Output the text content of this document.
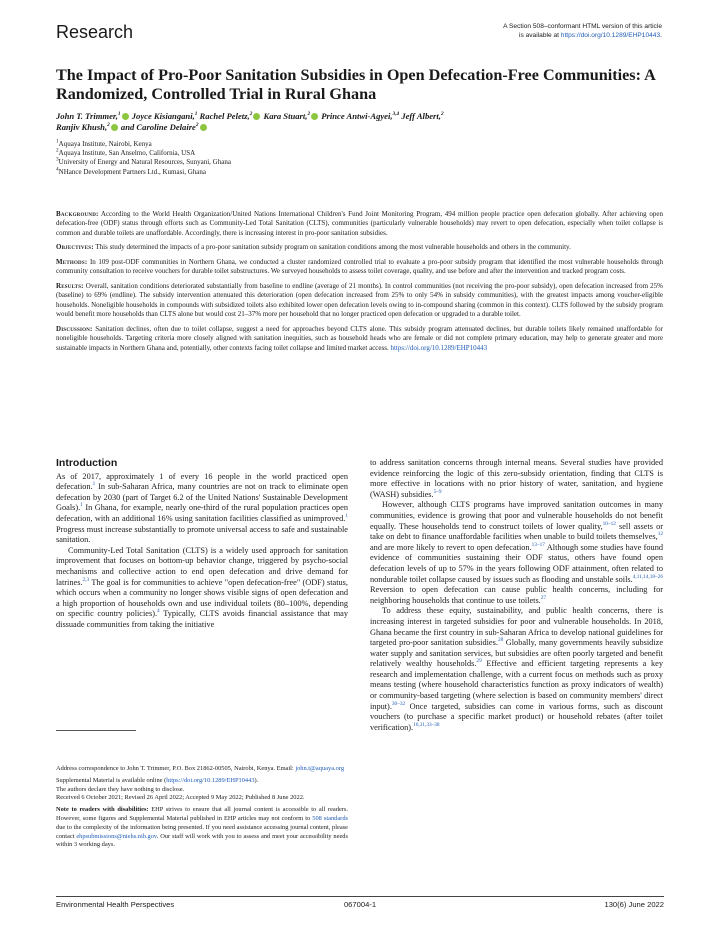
Research	A Section 508–conformant HTML version of this article
is available at https://doi.org/10.1289/EHP10443.
The Impact of Pro-Poor Sanitation Subsidies in Open Defecation-Free Communities: A Randomized, Controlled Trial in Rural Ghana
John T. Trimmer,$^1$ Joyce Kisiangani,$^1$ Rachel Peletz,$^2$ Kara Stuart,$^2$ Prince Antwi-Agyei,$^{3,4}$ Jeff Albert,$^2$
Ranjiv Khush,$^2$ and Caroline Delaire$^2$
$^1$Aquaya Institute, Nairobi, Kenya
$^2$Aquaya Institute, San Anselmo, California, USA
$^3$University of Energy and Natural Resources, Sunyani, Ghana
$^4$NHance Development Partners Ltd., Kumasi, Ghana

Background: According to the World Health Organization/United Nations International Children's Fund Joint Monitoring Program, 494 million people practice open defecation globally. After achieving open defecation-free (ODF) status through efforts such as Community-Led Total Sanitation (CLTS), communities (particularly vulnerable households) may revert to open defecation, especially when toilet collapse is common and durable toilets are unaffordable. Accordingly, there is increasing interest in pro-poor sanitation subsidies.

Objectives: This study determined the impacts of a pro-poor sanitation subsidy program on sanitation conditions among the most vulnerable households and others in the community.

Methods: In 109 post-ODF communities in Northern Ghana, we conducted a cluster randomized controlled trial to evaluate a pro-poor subsidy program that identified the most vulnerable households through community consultation to receive vouchers for durable toilet substructures. We surveyed households to assess toilet coverage, quality, and use before and after the intervention and tracked program costs.

Results: Overall, sanitation conditions deteriorated substantially from baseline to endline (average of 21 months). In control communities (not receiving the pro-poor subsidy), open defecation increased from 25% (baseline) to 69% (endline). The subsidy intervention attenuated this deterioration (open defecation increased from 25% to only 54% in subsidy communities), with the greatest impacts among voucher-eligible households. Noneligible households in compounds with subsidized toilets also exhibited lower open defecation levels owing to in-compound sharing (common in this context). CLTS followed by the subsidy program would benefit more households than CLTS alone but would cost 21–37% more per household that no longer practiced open defecation or upgraded to a durable toilet.

Discussion: Sanitation declines, often due to toilet collapse, suggest a need for approaches beyond CLTS alone. This subsidy program attenuated declines, but durable toilets likely remained unaffordable for noneligible households. Targeting criteria more closely aligned with sanitation inequities, such as household heads who are female or did not complete primary education, may help to generate greater and more sustainable impacts in Northern Ghana and, potentially, other contexts facing toilet collapse and limited market access. https://doi.org/10.1289/EHP10443

Introduction

As of 2017, approximately 1 of every 16 people in the world practiced open defecation.$^1$ In sub-Saharan Africa, many countries are not on track to eliminate open defecation by 2030 (part of Target 6.2 of the United Nations' Sustainable Development Goals).$^1$ In Ghana, for example, nearly one-third of the rural population practices open defecation, with an additional 16% using sanitation facilities classified as unimproved.$^1$ Progress must increase substantially to promote universal access to safe and sustainable sanitation.

Community-Led Total Sanitation (CLTS) is a widely used approach for sanitation improvement that focuses on bottom-up behavior change, triggered by psycho-social mechanisms and collective action to end open defecation and drive demand for latrines.$^{2,3}$ The goal is for communities to achieve "open defecation-free" (ODF) status, which occurs when a community no longer shows visible signs of open defecation and a high proportion of households own and use individual toilets (80–100%, depending on specific country policies).$^4$ Typically, CLTS avoids financial assistance that may dissuade communities from taking the initiative

to address sanitation concerns through internal means. Several studies have provided evidence reinforcing the logic of this zero-subsidy orientation, finding that CLTS is more effective in locations with no prior history of water, sanitation, and hygiene (WASH) subsidies.$^{5-9}$

However, although CLTS programs have improved sanitation outcomes in many communities, evidence is growing that poor and vulnerable households do not benefit equally. These households tend to construct toilets of lower quality,$^{10-12}$ sell assets or take on debt to finance unaffordable facilities when unable to build toilets themselves,$^{12}$ and are more likely to revert to open defecation.$^{13-17}$ Although some studies have found evidence of communities sustaining their ODF status, others have found open defecation levels of up to 57% in the years following ODF attainment, often related to nondurable toilet collapse caused by issues such as flooding and unstable soils.$^{4,11,14,18-26}$ Reversion to open defecation can cause public health concerns, including for neighboring households that continue to use toilets.$^{27}$

To address these equity, sustainability, and public health concerns, there is increasing interest in targeted subsidies for poor and vulnerable households. In 2018, Ghana became the first country in sub-Saharan Africa to develop national guidelines for targeted pro-poor sanitation subsidies.$^{28}$ Globally, many governments heavily subsidize water supply and sanitation services, but subsidies are often poorly targeted and benefit relatively wealthy households.$^{29}$ Effective and efficient targeting represents a key research and implementation challenge, with a current focus on methods such as proxy means testing (where household characteristics function as proxy indicators of wealth) or community-based targeting (where selection is based on community members' direct input).$^{30-32}$ Once targeted, subsidies can come in various forms, such as discount vouchers (to purchase a specific market product) or household rebates (after toilet verification).$^{16,31,33-38}$

Address correspondence to John T. Trimmer, P.O. Box 21862-00505, Nairobi, Kenya. Email: john.t@aquaya.org

Supplemental Material is available online (https://doi.org/10.1289/EHP10443).
The authors declare they have nothing to disclose.
Received 6 October 2021; Revised 26 April 2022; Accepted 9 May 2022; Published 8 June 2022.

Note to readers with disabilities: EHP strives to ensure that all journal content is accessible to all readers. However, some figures and Supplemental Material published in EHP articles may not conform to 508 standards due to the complexity of the information being presented. If you need assistance accessing journal content, please contact ehpsubmissions@niehs.nih.gov. Our staff will work with you to assess and meet your accessibility needs within 3 working days.

Environmental Health Perspectives	067004-1	130(6) June 2022
